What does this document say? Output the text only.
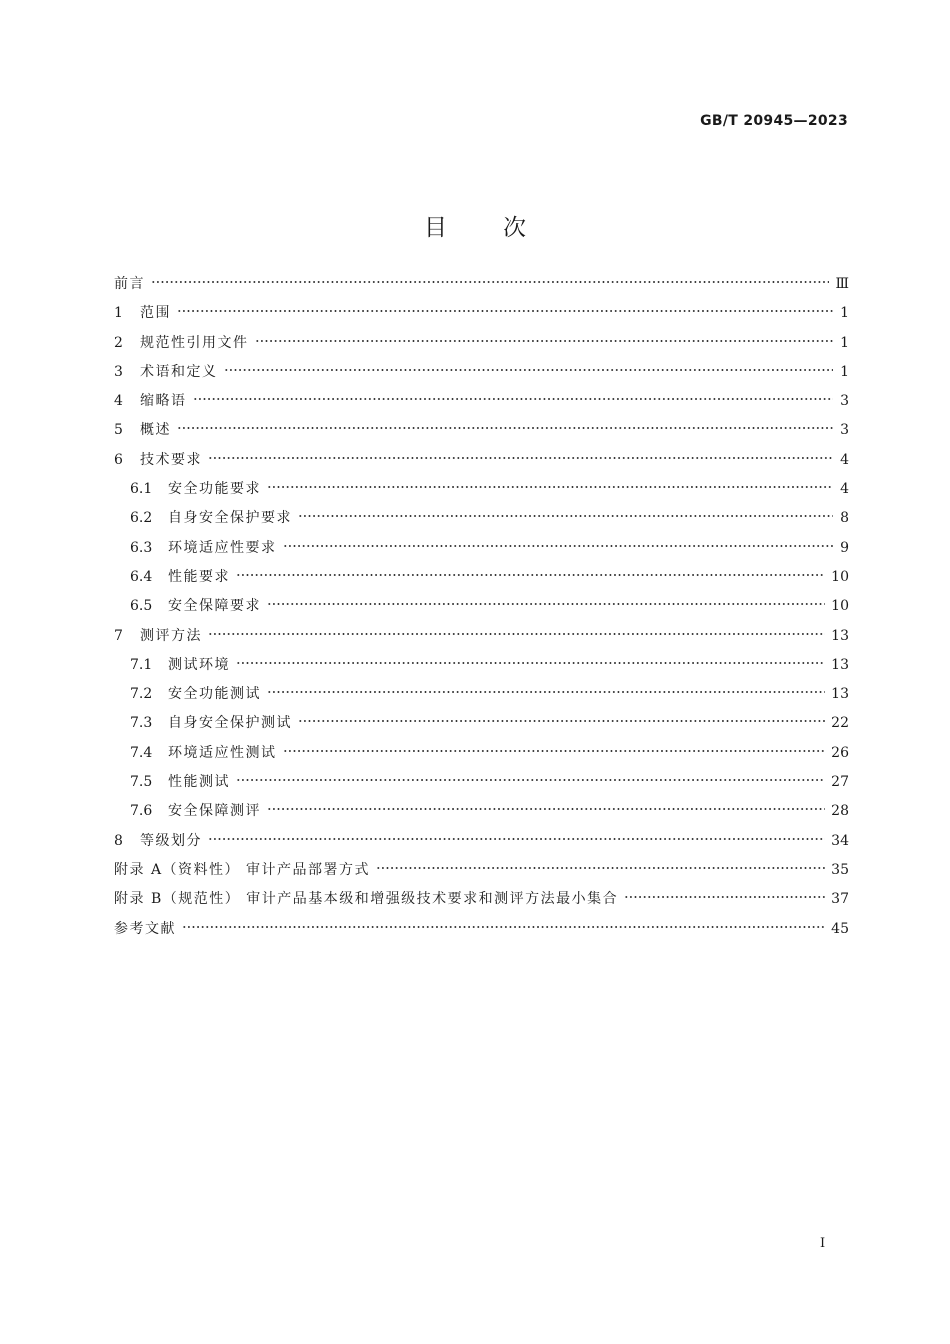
GB/T 20945—2023
目次
前言	Ⅲ
1	范围	1
2	规范性引用文件	1
3	术语和定义	1
4	缩略语	3
5	概述	3
6	技术要求	4
6.1	安全功能要求	4
6.2	自身安全保护要求	8
6.3	环境适应性要求	9
6.4	性能要求	10
6.5	安全保障要求	10
7	测评方法	13
7.1	测试环境	13
7.2	安全功能测试	13
7.3	自身安全保护测试	22
7.4	环境适应性测试	26
7.5	性能测试	27
7.6	安全保障测评	28
8	等级划分	34
附录 A（资料性） 审计产品部署方式	35
附录 B（规范性） 审计产品基本级和增强级技术要求和测评方法最小集合	37
参考文献	45
I
